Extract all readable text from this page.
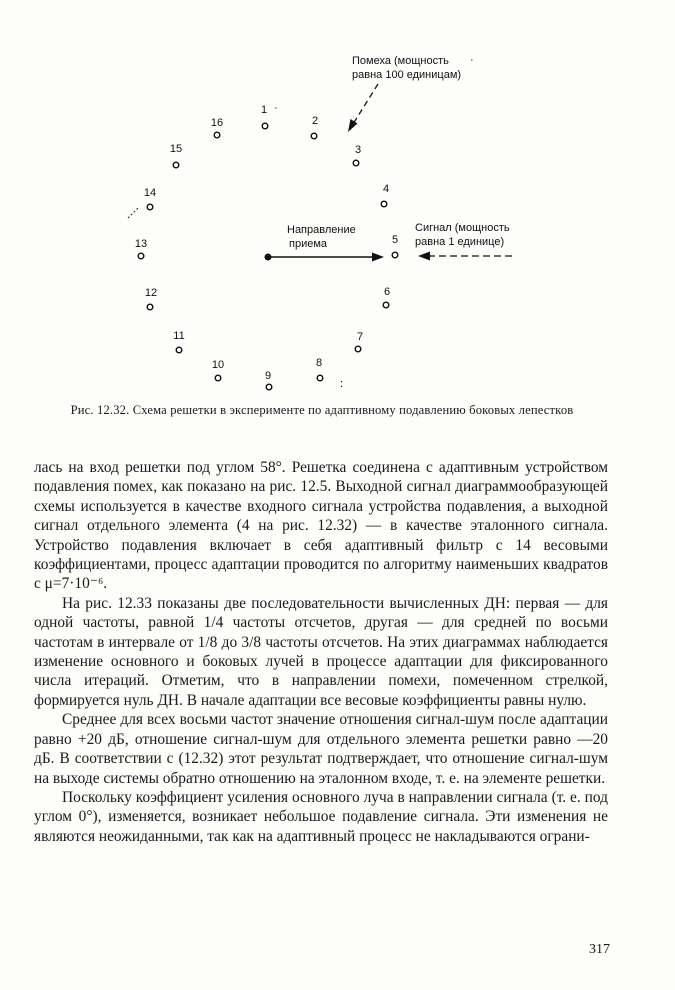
1
2
3
4
5
6
7
8
9
10
11
12
13
14
15
16
Направление
приема
Помеха (мощность ·
равна 100 единицам)
Сигнал (мощность
равна 1 единице)
·
:
Рис. 12.32. Схема решетки в эксперименте по адаптивному подавлению боковых лепестков

лась на вход решетки под углом 58°. Решетка соединена с адаптивным устройством подавления помех, как показано на рис. 12.5. Выходной сигнал диаграммообразующей схемы используется в качестве входного сигнала устройства подавления, а выходной сигнал отдельного элемента (4 на рис. 12.32) — в качестве эталонного сигнала. Устройство подавления включает в себя адаптивный фильтр с 14 весовыми коэффициентами, процесс адаптации проводится по алгоритму наименьших квадратов с μ=7·10⁻⁶.

На рис. 12.33 показаны две последовательности вычисленных ДН: первая — для одной частоты, равной 1/4 частоты отсчетов, другая — для средней по восьми частотам в интервале от 1/8 до 3/8 частоты отсчетов. На этих диаграммах наблюдается изменение основного и боковых лучей в процессе адаптации для фиксированного числа итераций. Отметим, что в направлении помехи, помеченном стрелкой, формируется нуль ДН. В начале адаптации все весовые коэффициенты равны нулю.

Среднее для всех восьми частот значение отношения сигнал-шум после адаптации равно +20 дБ, отношение сигнал-шум для отдельного элемента решетки равно —20 дБ. В соответствии с (12.32) этот результат подтверждает, что отношение сигнал-шум на выходе системы обратно отношению на эталонном входе, т. е. на элементе решетки.

Поскольку коэффициент усиления основного луча в направлении сигнала (т. е. под углом 0°), изменяется, возникает небольшое подавление сигнала. Эти изменения не являются неожиданными, так как на адаптивный процесс не накладываются ограни-

317
